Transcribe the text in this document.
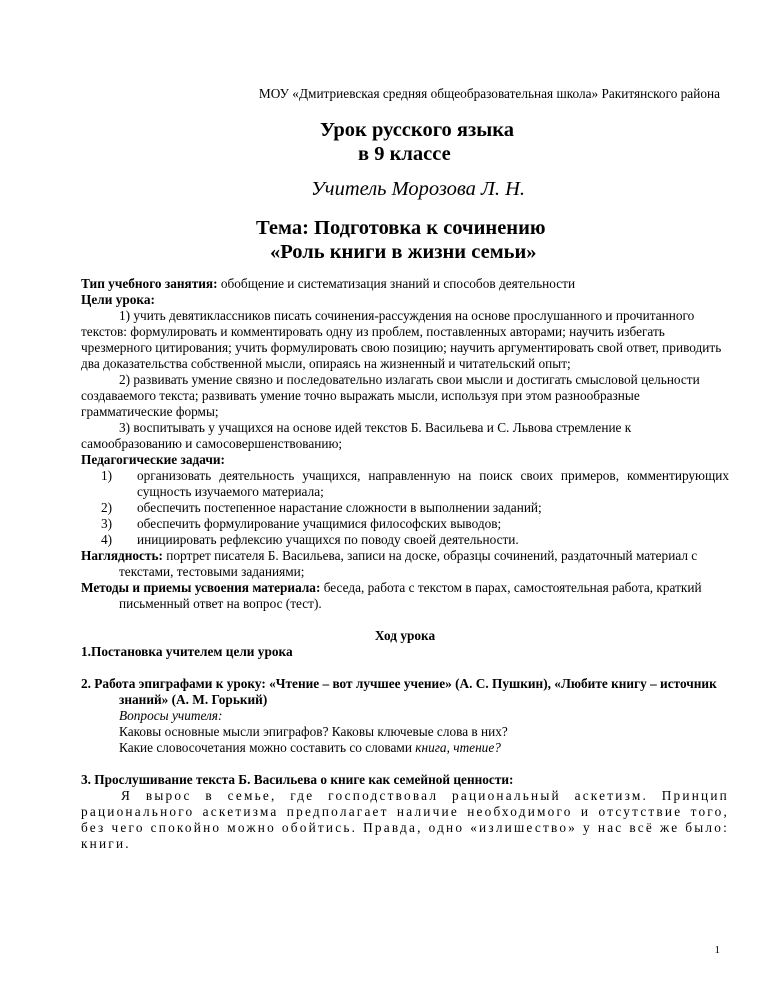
МОУ «Дмитриевская средняя общеобразовательная школа» Ракитянского района
Урок русского языка
в 9 классе
Учитель Морозова Л. Н.
Тема: Подготовка к сочинению
«Роль книги в жизни семьи»

Тип учебного занятия: обобщение и систематизация знаний и способов деятельности

Цели урока:

1) учить девятиклассников писать сочинения-рассуждения на основе прослушанного и прочитанного текстов: формулировать и комментировать одну из проблем, поставленных авторами; научить избегать чрезмерного цитирования; учить формулировать свою позицию; научить аргументировать свой ответ, приводить два доказательства собственной мысли, опираясь на жизненный и читательский опыт;

2) развивать умение связно и последовательно излагать свои мысли и достигать смысловой цельности создаваемого текста; развивать умение точно выражать мысли, используя при этом разнообразные грамматические формы;

3) воспитывать у учащихся на основе идей текстов Б. Васильева и С. Львова стремление к самообразованию и самосовершенствованию;

Педагогические задачи:

1) организовать деятельность учащихся, направленную на поиск своих примеров, комментирующих сущность изучаемого материала;
2) обеспечить постепенное нарастание сложности в выполнении заданий;
3) обеспечить формулирование учащимися философских выводов;
4) инициировать рефлексию учащихся по поводу своей деятельности.

Наглядность: портрет писателя Б. Васильева, записи на доске, образцы сочинений, раздаточный материал с текстами, тестовыми заданиями;

Методы и приемы усвоения материала: беседа, работа с текстом в парах, самостоятельная работа, краткий письменный ответ на вопрос (тест).

Ход урока

1.Постановка учителем цели урока

2. Работа эпиграфами к уроку: «Чтение – вот лучшее учение» (А. С. Пушкин), «Любите книгу – источник знаний» (А. М. Горький)

Вопросы учителя:

Каковы основные мысли эпиграфов? Каковы ключевые слова в них?

Какие словосочетания можно составить со словами книга, чтение?

3. Прослушивание текста Б. Васильева о книге как семейной ценности:

Я вырос в семье, где господствовал рациональный аскетизм. Принцип рационального аскетизма предполагает наличие необходимого и отсутствие того, без чего спокойно можно обойтись. Правда, одно «излишество» у нас всё же было: книги.

1
